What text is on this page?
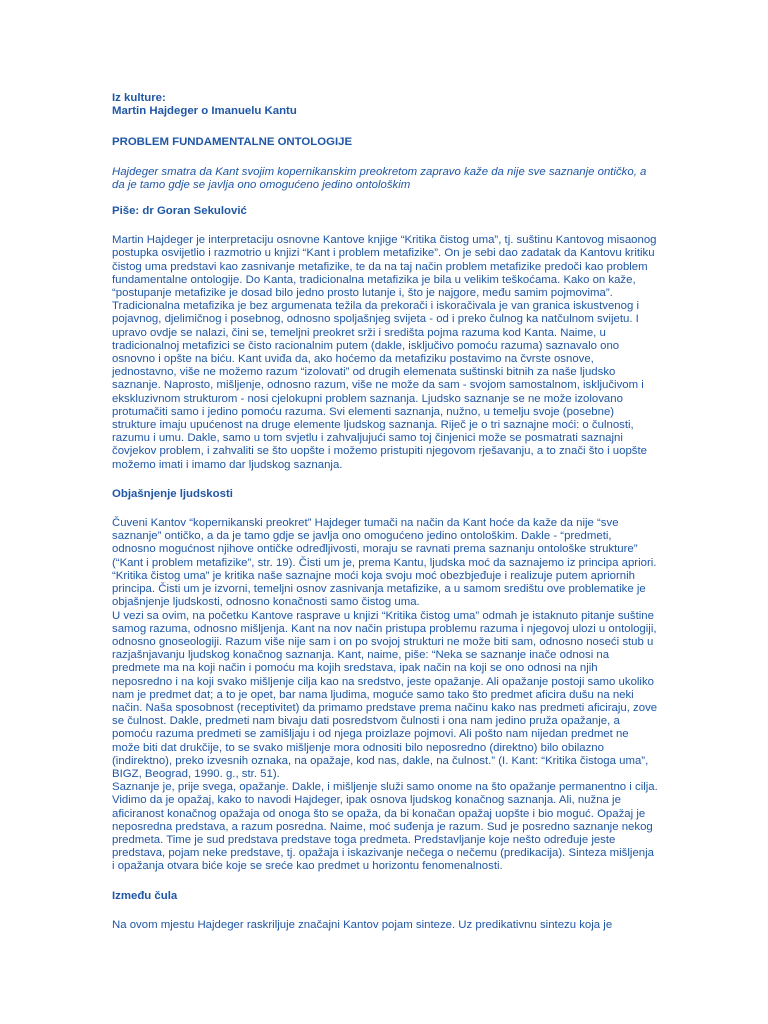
Iz kulture:

Martin Hajdeger o Imanuelu Kantu

PROBLEM FUNDAMENTALNE ONTOLOGIJE

Hajdeger smatra da Kant svojim kopernikanskim preokretom zapravo kaže da nije sve saznanje ontičko, a da je tamo gdje se javlja ono omogućeno jedino ontološkim

Piše: dr Goran Sekulović

Martin Hajdeger je interpretaciju osnovne Kantove knjige “Kritika čistog uma”, tj. suštinu Kantovog misaonog postupka osvijetlio i razmotrio u knjizi “Kant i problem metafizike”. On je sebi dao zadatak da Kantovu kritiku čistog uma predstavi kao zasnivanje metafizike, te da na taj način problem metafizike predoči kao problem fundamentalne ontologije. Do Kanta, tradicionalna metafizika je bila u velikim teškoćama. Kako on kaže, “postupanje metafizike je dosad bilo jedno prosto lutanje i, što je najgore, među samim pojmovima”. Tradicionalna metafizika je bez argumenata težila da prekorači i iskoračivala je van granica iskustvenog i pojavnog, djelimičnog i posebnog, odnosno spoljašnjeg svijeta - od i preko čulnog ka natčulnom svijetu. I upravo ovdje se nalazi, čini se, temeljni preokret srži i središta pojma razuma kod Kanta. Naime, u tradicionalnoj metafizici se čisto racionalnim putem (dakle, isključivo pomoću razuma) saznavalo ono osnovno i opšte na biću. Kant uviđa da, ako hoćemo da metafiziku postavimo na čvrste osnove, jednostavno, više ne možemo razum “izolovati” od drugih elemenata suštinski bitnih za naše ljudsko saznanje. Naprosto, mišljenje, odnosno razum, više ne može da sam - svojom samostalnom, isključivom i ekskluzivnom strukturom - nosi cjelokupni problem saznanja. Ljudsko saznanje se ne može izolovano protumačiti samo i jedino pomoću razuma. Svi elementi saznanja, nužno, u temelju svoje (posebne) strukture imaju upućenost na druge elemente ljudskog saznanja. Riječ je o tri saznajne moći: o čulnosti, razumu i umu. Dakle, samo u tom svjetlu i zahvaljujući samo toj činjenici može se posmatrati saznajni čovjekov problem, i zahvaliti se što uopšte i možemo pristupiti njegovom rješavanju, a to znači što i uopšte možemo imati i imamo dar ljudskog saznanja.

Objašnjenje ljudskosti

Čuveni Kantov “kopernikanski preokret” Hajdeger tumači na način da Kant hoće da kaže da nije “sve saznanje” ontičko, a da je tamo gdje se javlja ono omogućeno jedino ontološkim. Dakle - “predmeti, odnosno mogućnost njihove ontičke određljivosti, moraju se ravnati prema saznanju ontološke strukture” (“Kant i problem metafizike”, str. 19). Čisti um je, prema Kantu, ljudska moć da saznajemo iz principa apriori. “Kritika čistog uma” je kritika naše saznajne moći koja svoju moć obezbjeđuje i realizuje putem apriornih principa. Čisti um je izvorni, temeljni osnov zasnivanja metafizike, a u samom središtu ove problematike je objašnjenje ljudskosti, odnosno konačnosti samo čistog uma.

U vezi sa ovim, na početku Kantove rasprave u knjizi “Kritika čistog uma” odmah je istaknuto pitanje suštine samog razuma, odnosno mišljenja. Kant na nov način pristupa problemu razuma i njegovoj ulozi u ontologiji, odnosno gnoseologiji. Razum više nije sam i on po svojoj strukturi ne može biti sam, odnosno noseći stub u razjašnjavanju ljudskog konačnog saznanja. Kant, naime, piše: “Neka se saznanje inače odnosi na predmete ma na koji način i pomoću ma kojih sredstava, ipak način na koji se ono odnosi na njih neposredno i na koji svako mišljenje cilja kao na sredstvo, jeste opažanje. Ali opažanje postoji samo ukoliko nam je predmet dat; a to je opet, bar nama ljudima, moguće samo tako što predmet aficira dušu na neki način. Naša sposobnost (receptivitet) da primamo predstave prema načinu kako nas predmeti aficiraju, zove se čulnost. Dakle, predmeti nam bivaju dati posredstvom čulnosti i ona nam jedino pruža opažanje, a pomoću razuma predmeti se zamišljaju i od njega proizlaze pojmovi. Ali pošto nam nijedan predmet ne može biti dat drukčije, to se svako mišljenje mora odnositi bilo neposredno (direktno) bilo obilazno (indirektno), preko izvesnih oznaka, na opažaje, kod nas, dakle, na čulnost.” (I. Kant: “Kritika čistoga uma”, BIGZ, Beograd, 1990. g., str. 51).

Saznanje je, prije svega, opažanje. Dakle, i mišljenje služi samo onome na što opažanje permanentno i cilja. Vidimo da je opažaj, kako to navodi Hajdeger, ipak osnova ljudskog konačnog saznanja. Ali, nužna je aficiranost konačnog opažaja od onoga što se opaža, da bi konačan opažaj uopšte i bio moguć. Opažaj je neposredna predstava, a razum posredna. Naime, moć suđenja je razum. Sud je posredno saznanje nekog predmeta. Time je sud predstava predstave toga predmeta. Predstavljanje koje nešto određuje jeste predstava, pojam neke predstave, tj. opažaja i iskazivanje nečega o nečemu (predikacija). Sinteza mišljenja i opažanja otvara biće koje se sreće kao predmet u horizontu fenomenalnosti.

Između čula

Na ovom mjestu Hajdeger raskriljuje značajni Kantov pojam sinteze. Uz predikativnu sintezu koja je
